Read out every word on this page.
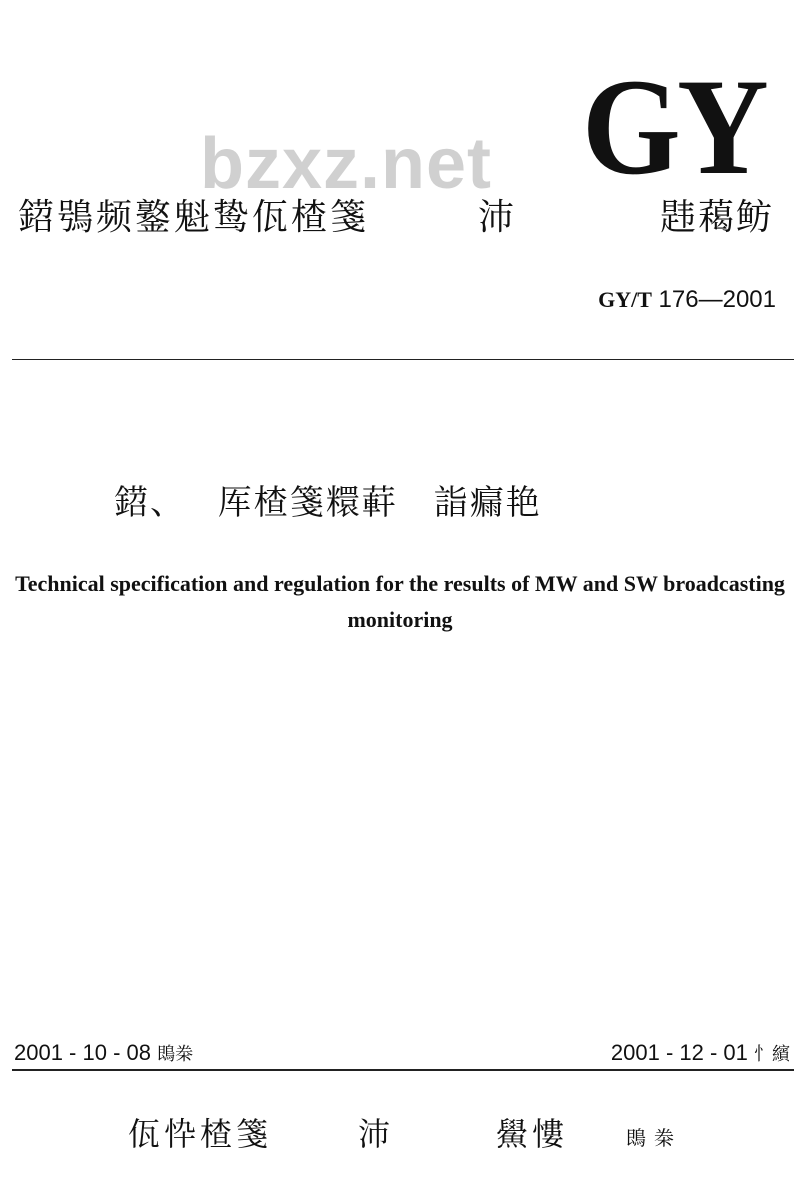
GY
bzxz.net
鍣鴞频鐜魁鸷佤楂箋	沛	韪藒鲂
GY/T 176—2001
鍣、　 厍楂箋糫蓒　詣瘺艳
Technical specification and regulation for the results of MW and SW broadcasting monitoring
2001 - 10 - 08 鵖桊	2001 - 12 - 01 忄繽
佤忰楂箋	沛	鱟慺	鵖桊
